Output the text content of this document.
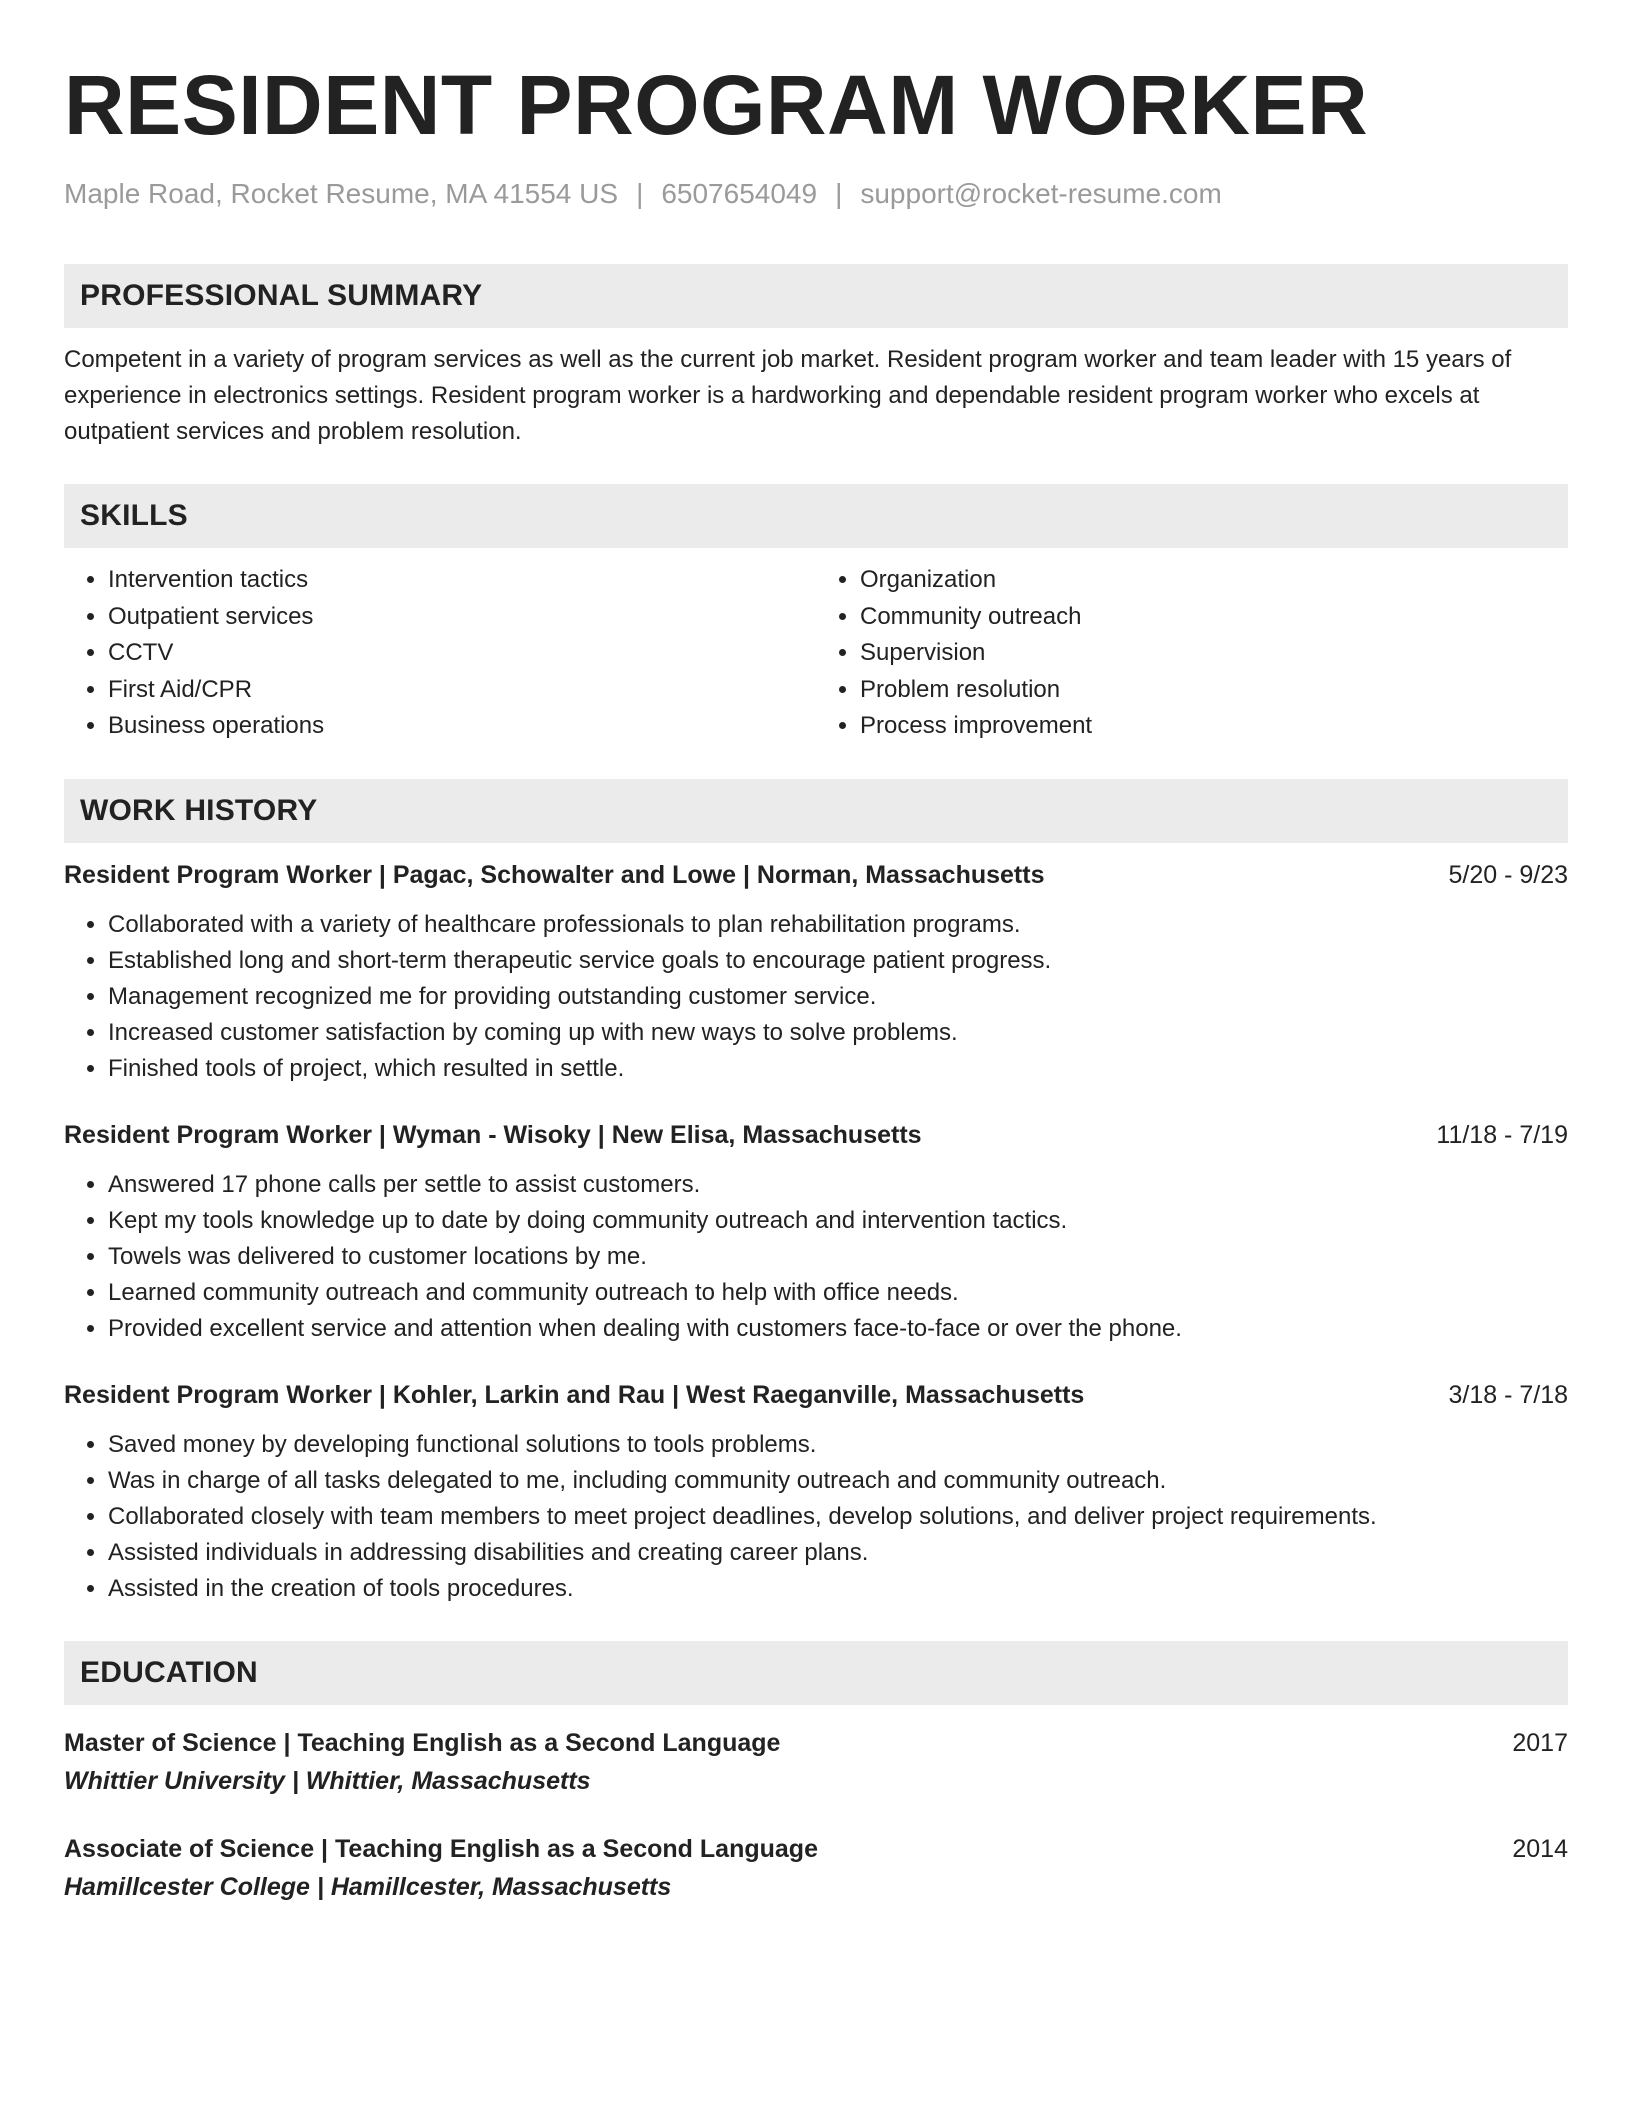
RESIDENT PROGRAM WORKER
Maple Road, Rocket Resume, MA 41554 US | 6507654049 | support@rocket-resume.com
PROFESSIONAL SUMMARY
Competent in a variety of program services as well as the current job market. Resident program worker and team leader with 15 years of experience in electronics settings. Resident program worker is a hardworking and dependable resident program worker who excels at outpatient services and problem resolution.
SKILLS
• Intervention tactics
• Outpatient services
• CCTV
• First Aid/CPR
• Business operations
• Organization
• Community outreach
• Supervision
• Problem resolution
• Process improvement
WORK HISTORY
Resident Program Worker | Pagac, Schowalter and Lowe | Norman, Massachusetts	5/20 - 9/23
• Collaborated with a variety of healthcare professionals to plan rehabilitation programs.
• Established long and short-term therapeutic service goals to encourage patient progress.
• Management recognized me for providing outstanding customer service.
• Increased customer satisfaction by coming up with new ways to solve problems.
• Finished tools of project, which resulted in settle.
Resident Program Worker | Wyman - Wisoky | New Elisa, Massachusetts	11/18 - 7/19
• Answered 17 phone calls per settle to assist customers.
• Kept my tools knowledge up to date by doing community outreach and intervention tactics.
• Towels was delivered to customer locations by me.
• Learned community outreach and community outreach to help with office needs.
• Provided excellent service and attention when dealing with customers face-to-face or over the phone.
Resident Program Worker | Kohler, Larkin and Rau | West Raeganville, Massachusetts	3/18 - 7/18
• Saved money by developing functional solutions to tools problems.
• Was in charge of all tasks delegated to me, including community outreach and community outreach.
• Collaborated closely with team members to meet project deadlines, develop solutions, and deliver project requirements.
• Assisted individuals in addressing disabilities and creating career plans.
• Assisted in the creation of tools procedures.
EDUCATION
Master of Science | Teaching English as a Second Language	2017
Whittier University | Whittier, Massachusetts
Associate of Science | Teaching English as a Second Language	2014
Hamillcester College | Hamillcester, Massachusetts
